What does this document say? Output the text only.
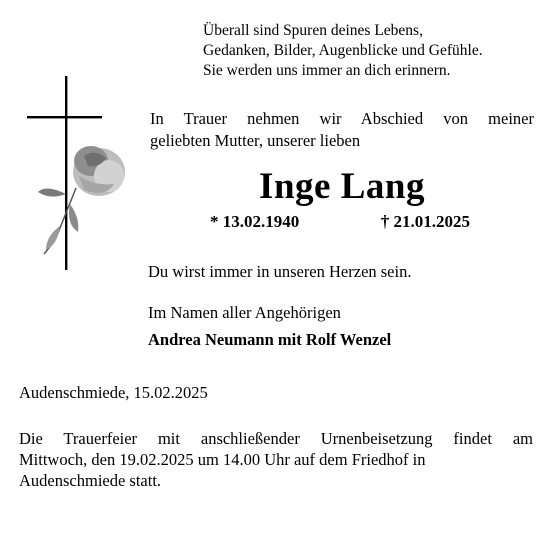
Überall sind Spuren deines Lebens,
Gedanken, Bilder, Augenblicke und Gefühle.
Sie werden uns immer an dich erinnern.
In Trauer nehmen wir Abschied von meiner
geliebten Mutter, unserer lieben
Inge Lang
* 13.02.1940	† 21.01.2025
Du wirst immer in unseren Herzen sein.
Im Namen aller Angehörigen
Andrea Neumann mit Rolf Wenzel
Audenschmiede, 15.02.2025
Die Trauerfeier mit anschließender Urnenbeisetzung findet am
Mittwoch, den 19.02.2025 um 14.00 Uhr auf dem Friedhof in
Audenschmiede statt.
